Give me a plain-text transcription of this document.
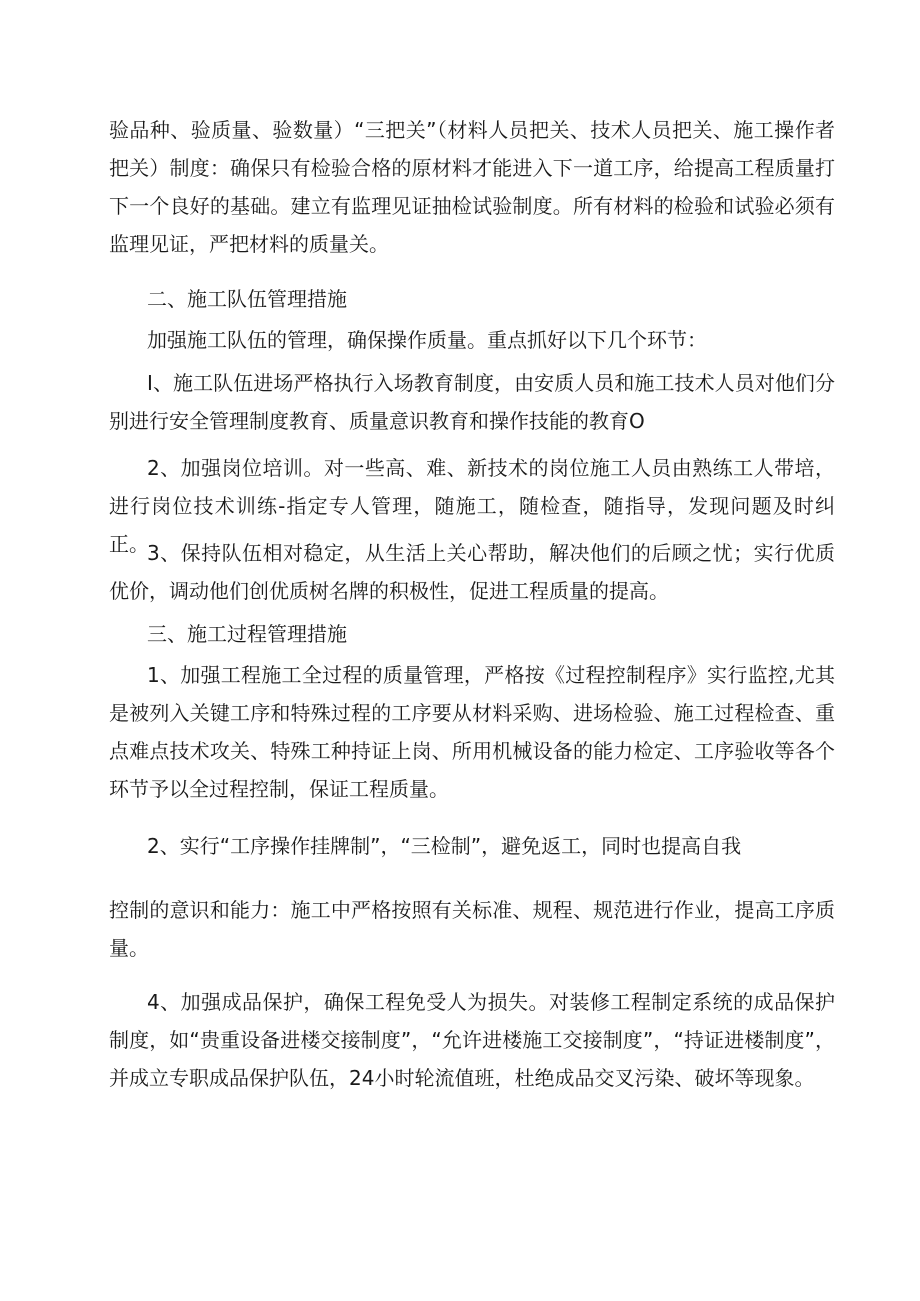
验品种、验质量、验数量）“三把关”（材料人员把关、技术人员把关、施工操作者把关）制度：确保只有检验合格的原材料才能进入下一道工序，给提高工程质量打下一个良好的基础。建立有监理见证抽检试验制度。所有材料的检验和试验必须有监理见证，严把材料的质量关。

二、施工队伍管理措施

加强施工队伍的管理，确保操作质量。重点抓好以下几个环节：

I、施工队伍进场严格执行入场教育制度，由安质人员和施工技术人员对他们分别进行安全管理制度教育、质量意识教育和操作技能的教育O

2、加强岗位培训。对一些高、难、新技术的岗位施工人员由熟练工人带培，进行岗位技术训练-指定专人管理，随施工，随检查，随指导，发现问题及时纠正。

3、保持队伍相对稳定，从生活上关心帮助，解决他们的后顾之忧；实行优质优价，调动他们创优质树名牌的积极性，促进工程质量的提高。

三、施工过程管理措施

1、加强工程施工全过程的质量管理，严格按《过程控制程序》实行监控,尤其是被列入关键工序和特殊过程的工序要从材料采购、进场检验、施工过程检查、重点难点技术攻关、特殊工种持证上岗、所用机械设备的能力检定、工序验收等各个环节予以全过程控制，保证工程质量。

2、实行“工序操作挂牌制”，“三检制”，避免返工，同时也提高自我

控制的意识和能力：施工中严格按照有关标准、规程、规范进行作业，提高工序质量。

4、加强成品保护，确保工程免受人为损失。对装修工程制定系统的成品保护制度，如“贵重设备进楼交接制度”，“允许进楼施工交接制度”，“持证进楼制度”，并成立专职成品保护队伍，24小时轮流值班，杜绝成品交叉污染、破坏等现象。
